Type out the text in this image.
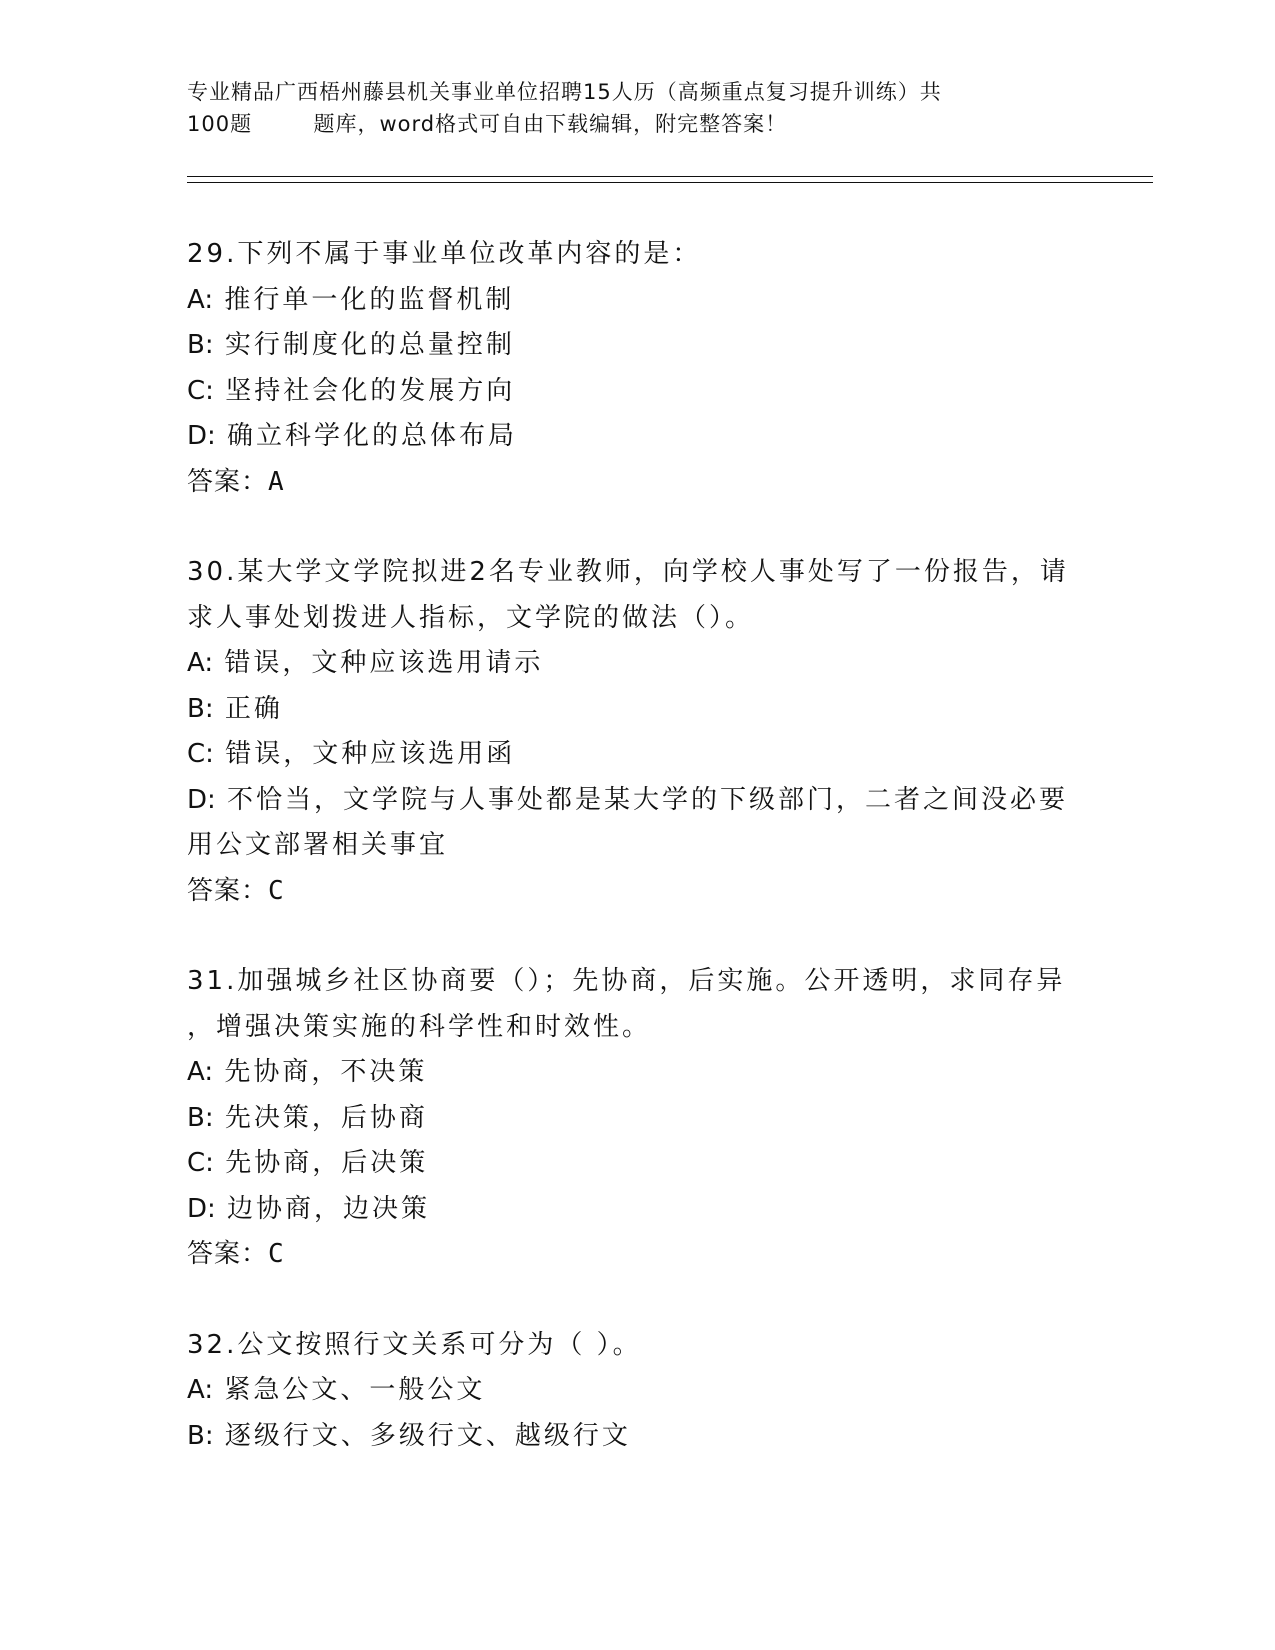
专业精品广西梧州藤县机关事业单位招聘15人历（高频重点复习提升训练）共
100题        题库，word格式可自由下载编辑，附完整答案！
29.下列不属于事业单位改革内容的是：
A: 推行单一化的监督机制
B: 实行制度化的总量控制
C: 坚持社会化的发展方向
D: 确立科学化的总体布局
答案：A
30.某大学文学院拟进2名专业教师，向学校人事处写了一份报告，请
求人事处划拨进人指标，文学院的做法（）。
A: 错误，文种应该选用请示
B: 正确
C: 错误，文种应该选用函
D: 不恰当，文学院与人事处都是某大学的下级部门，二者之间没必要
用公文部署相关事宜
答案：C
31.加强城乡社区协商要（）；先协商，后实施。公开透明，求同存异
，增强决策实施的科学性和时效性。
A: 先协商，不决策
B: 先决策，后协商
C: 先协商，后决策
D: 边协商，边决策
答案：C
32.公文按照行文关系可分为（ ）。
A: 紧急公文、一般公文
B: 逐级行文、多级行文、越级行文
